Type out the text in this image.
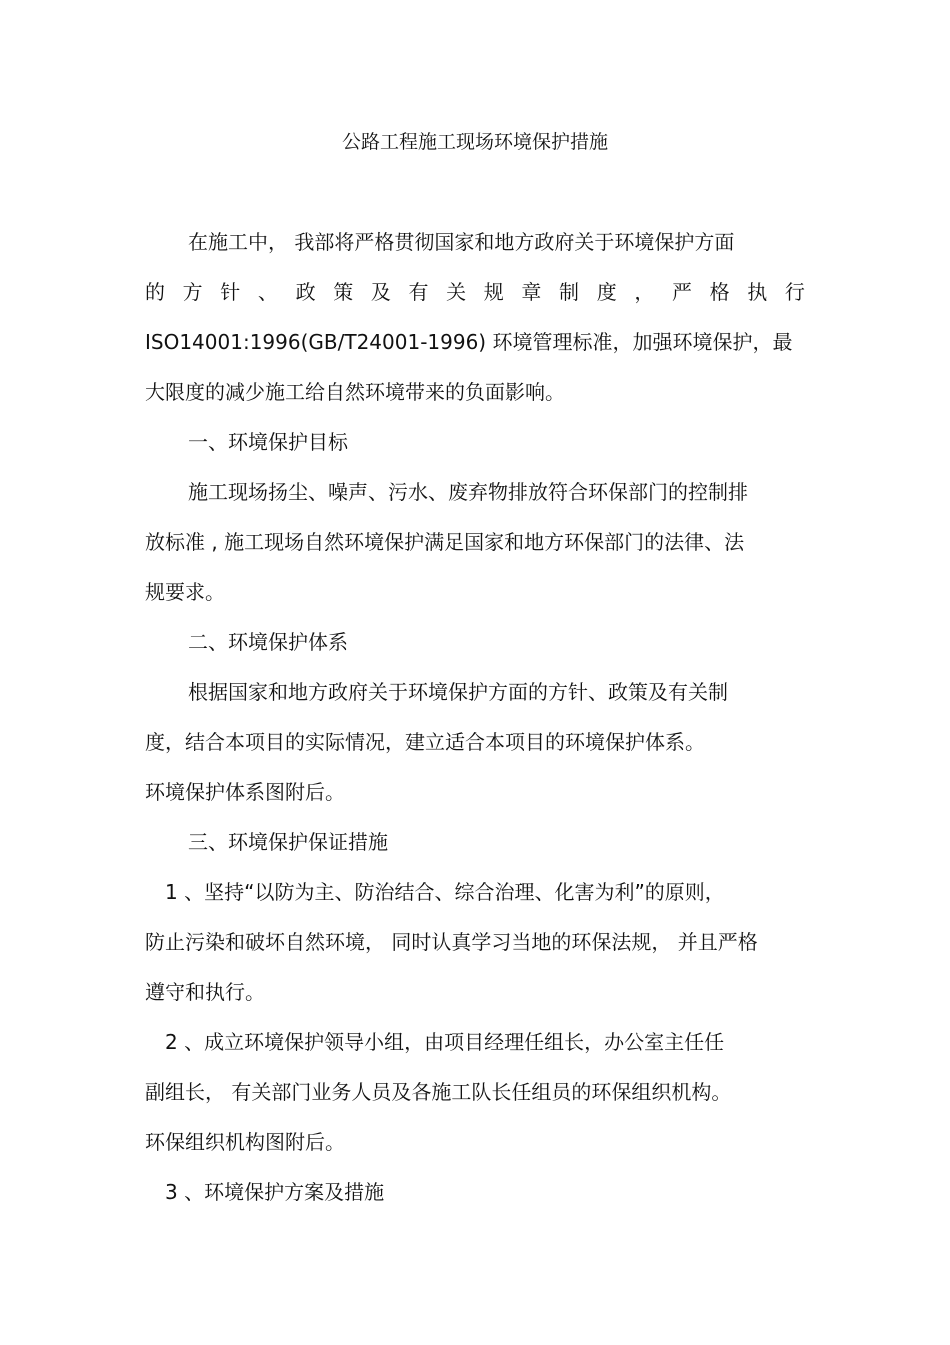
公路工程施工现场环境保护措施
在施工中， 我部将严格贯彻国家和地方政府关于环境保护方面
的 方 针 、 政 策 及 有 关 规 章 制 度 ， 严 格 执 行
ISO14001:1996(GB/T24001-1996) 环境管理标准，加强环境保护，最
大限度的减少施工给自然环境带来的负面影响。
一、环境保护目标
施工现场扬尘、噪声、污水、废弃物排放符合环保部门的控制排
放标准 , 施工现场自然环境保护满足国家和地方环保部门的法律、法
规要求。
二、环境保护体系
根据国家和地方政府关于环境保护方面的方针、政策及有关制
度，结合本项目的实际情况，建立适合本项目的环境保护体系。
环境保护体系图附后。
三、环境保护保证措施
1 、坚持“以防为主、防治结合、综合治理、化害为利”的原则，
防止污染和破坏自然环境， 同时认真学习当地的环保法规， 并且严格
遵守和执行。
2 、成立环境保护领导小组，由项目经理任组长，办公室主任任
副组长， 有关部门业务人员及各施工队长任组员的环保组织机构。
环保组织机构图附后。
3 、环境保护方案及措施
